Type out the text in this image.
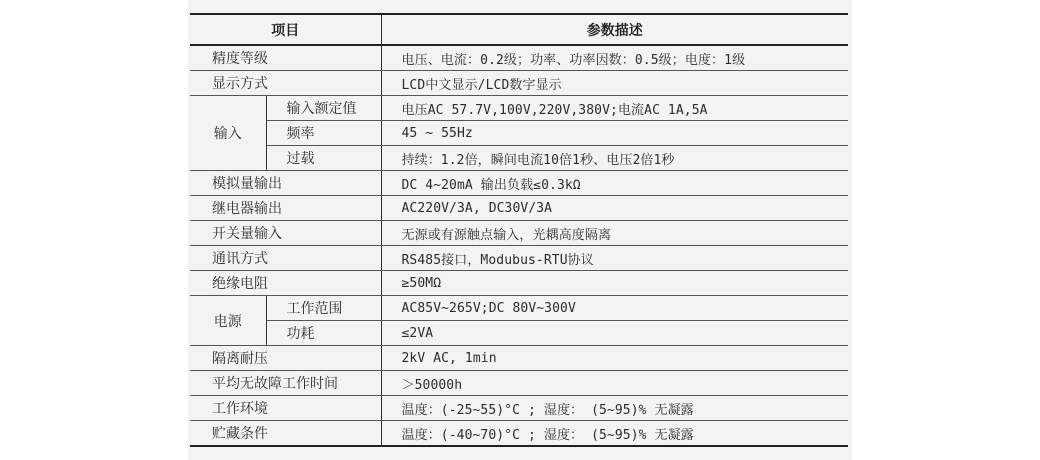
项目		参数描述
精度等级		电压、电流：0.2级；功率、功率因数：0.5级；电度：1级
显示方式		LCD中文显示/LCD数字显示
输入	输入额定值	电压AC 57.7V,100V,220V,380V;电流AC 1A,5A
	频率	45 ~ 55Hz
	过载	持续：1.2倍，瞬间电流10倍1秒、电压2倍1秒
模拟量输出		DC 4~20mA 输出负载≤0.3kΩ
继电器输出		AC220V/3A, DC30V/3A
开关量输入		无源或有源触点输入，光耦高度隔离
通讯方式		RS485接口，Modubus-RTU协议
绝缘电阻		≥50MΩ
电源	工作范围	AC85V~265V;DC 80V~300V
	功耗	≤2VA
隔离耐压		2kV AC, 1min
平均无故障工作时间		＞50000h
工作环境		温度：(-25~55)°C ; 湿度： (5~95)% 无凝露
贮藏条件		温度：(-40~70)°C ; 湿度： (5~95)% 无凝露
